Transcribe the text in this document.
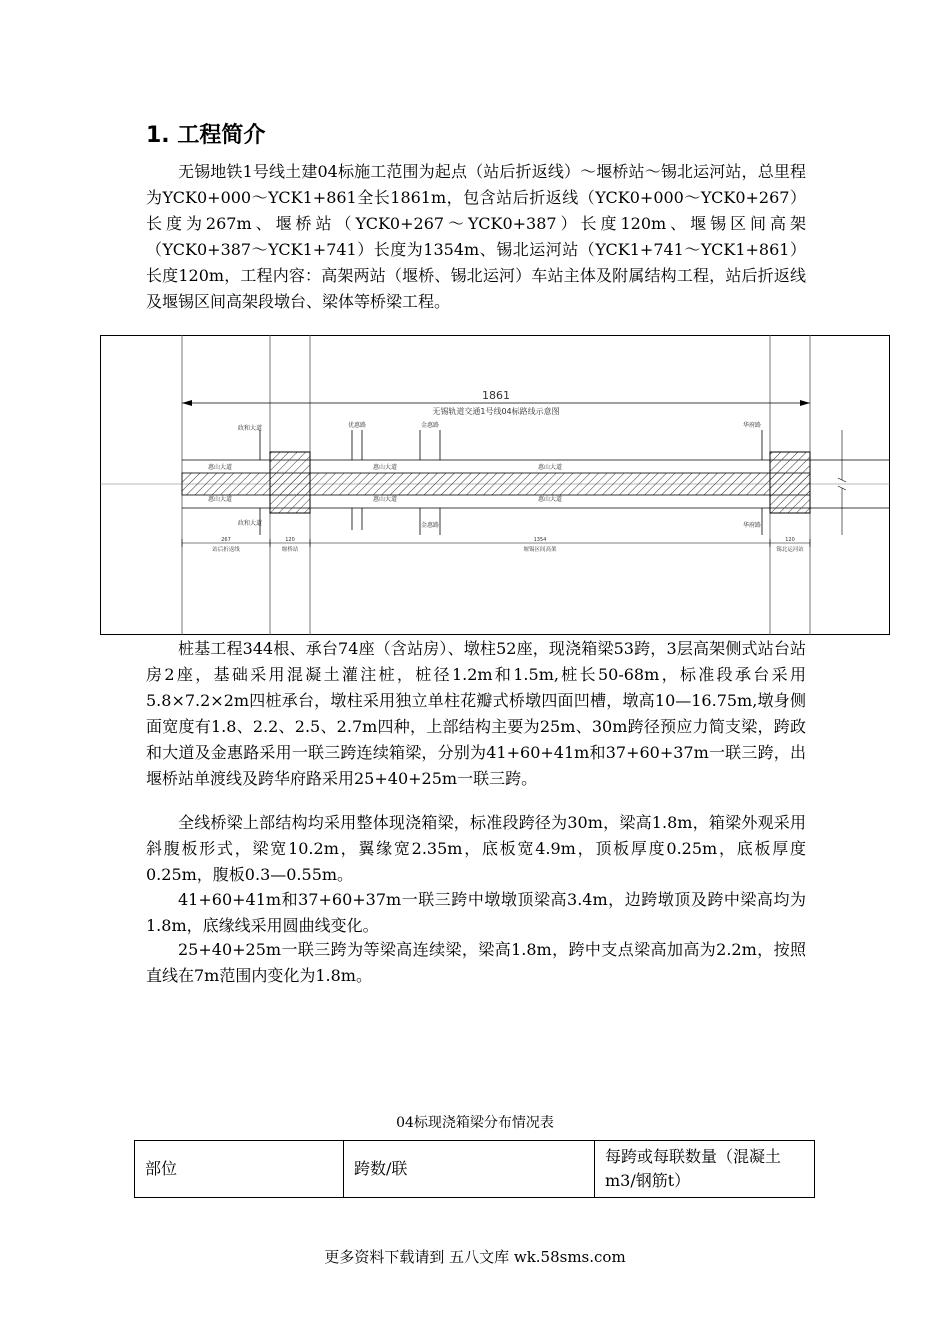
1. 工程简介

无锡地铁1号线土建04标施工范围为起点（站后折返线）～堰桥站～锡北运河站，总里程为YCK0+000～YCK1+861全长1861m，包含站后折返线（YCK0+000～YCK0+267）长度为267m、堰桥站（YCK0+267～YCK0+387）长度120m、堰锡区间高架（YCK0+387～YCK1+741）长度为1354m、锡北运河站（YCK1+741～YCK1+861）长度120m，工程内容：高架两站（堰桥、锡北运河）车站主体及附属结构工程，站后折返线及堰锡区间高架段墩台、梁体等桥梁工程。

1861
无锡轨道交通1号线04标路线示意图
政和大道	优惠路	金惠路	华府路
政和大道	金惠路	华府路
惠山大道	惠山大道	惠山大道
惠山大道	惠山大道	惠山大道
267	120	1354	120
站后折返线	堰桥站	堰锡区间高架	锡北运河站

桩基工程344根、承台74座（含站房）、墩柱52座，现浇箱梁53跨，3层高架侧式站台站房2座，基础采用混凝土灌注桩，桩径1.2m和1.5m,桩长50-68m，标准段承台采用5.8×7.2×2m四桩承台，墩柱采用独立单柱花瓣式桥墩四面凹槽，墩高10—16.75m,墩身侧面宽度有1.8、2.2、2.5、2.7m四种，上部结构主要为25m、30m跨径预应力简支梁，跨政和大道及金惠路采用一联三跨连续箱梁，分别为41+60+41m和37+60+37m一联三跨，出堰桥站单渡线及跨华府路采用25+40+25m一联三跨。

全线桥梁上部结构均采用整体现浇箱梁，标准段跨径为30m，梁高1.8m，箱梁外观采用斜腹板形式，梁宽10.2m，翼缘宽2.35m，底板宽4.9m，顶板厚度0.25m，底板厚度0.25m，腹板0.3—0.55m。

41+60+41m和37+60+37m一联三跨中墩墩顶梁高3.4m，边跨墩顶及跨中梁高均为1.8m，底缘线采用圆曲线变化。

25+40+25m一联三跨为等梁高连续梁，梁高1.8m，跨中支点梁高加高为2.2m，按照直线在7m范围内变化为1.8m。

04标现浇箱梁分布情况表
部位	跨数/联	每跨或每联数量（混凝土m3/钢筋t）
更多资料下载请到 五八文库 wk.58sms.com
